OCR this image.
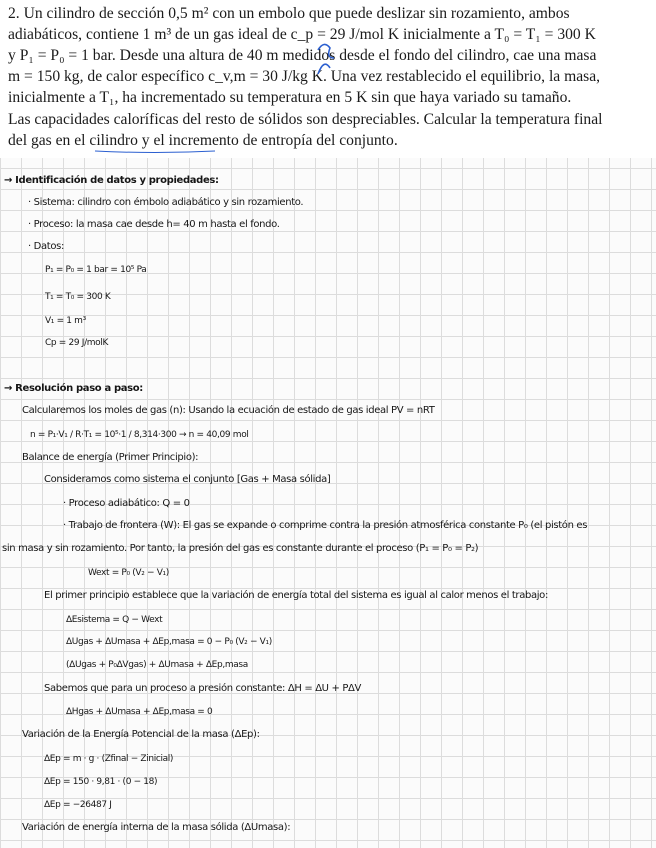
2. Un cilindro de sección 0,5 m² con un embolo que puede deslizar sin rozamiento, ambos

adiabáticos, contiene 1 m³ de un gas ideal de c_p = 29 J/mol K inicialmente a T₀ = T₁ = 300 K

y P₁ = P₀ = 1 bar. Desde una altura de 40 m medidos desde el fondo del cilindro, cae una masa

m = 150 kg, de calor específico c_v,m = 30 J/kg K. Una vez restablecido el equilibrio, la masa,

inicialmente a T₁, ha incrementado su temperatura en 5 K sin que haya variado su tamaño.

Las capacidades caloríficas del resto de sólidos son despreciables. Calcular la temperatura final

del gas en el cilindro y el incremento de entropía del conjunto.

→ Identificación de datos y propiedades:
· Sistema: cilindro con émbolo adiabático y sin rozamiento.
· Proceso: la masa cae desde h= 40 m hasta el fondo.
· Datos:
P₁ = P₀ = 1 bar = 10⁵ Pa
T₁ = T₀ = 300 K
V₁ = 1 m³
Cp = 29 J/molK
→ Resolución paso a paso:
Calcularemos los moles de gas (n): Usando la ecuación de estado de gas ideal PV = nRT
n = P₁·V₁ / R·T₁ = 10⁵·1 / 8,314·300 → n = 40,09 mol
Balance de energía (Primer Principio):
Consideramos como sistema el conjunto [Gas + Masa sólida]
· Proceso adiabático: Q = 0
· Trabajo de frontera (W): El gas se expande o comprime contra la presión atmosférica constante P₀ (el pistón es
sin masa y sin rozamiento. Por tanto, la presión del gas es constante durante el proceso (P₁ = P₀ = P₂)
Wext = P₀ (V₂ − V₁)
El primer principio establece que la variación de energía total del sistema es igual al calor menos el trabajo:
ΔEsistema = Q − Wext
ΔUgas + ΔUmasa + ΔEp,masa = 0 − P₀ (V₂ − V₁)
(ΔUgas + P₀ΔVgas) + ΔUmasa + ΔEp,masa
Sabemos que para un proceso a presión constante: ΔH = ΔU + PΔV
ΔHgas + ΔUmasa + ΔEp,masa = 0
Variación de la Energía Potencial de la masa (ΔEp):
ΔEp = m · g · (Zfinal − Zinicial)
ΔEp = 150 · 9,81 · (0 − 18)
ΔEp = −26487 J
Variación de energía interna de la masa sólida (ΔUmasa):
